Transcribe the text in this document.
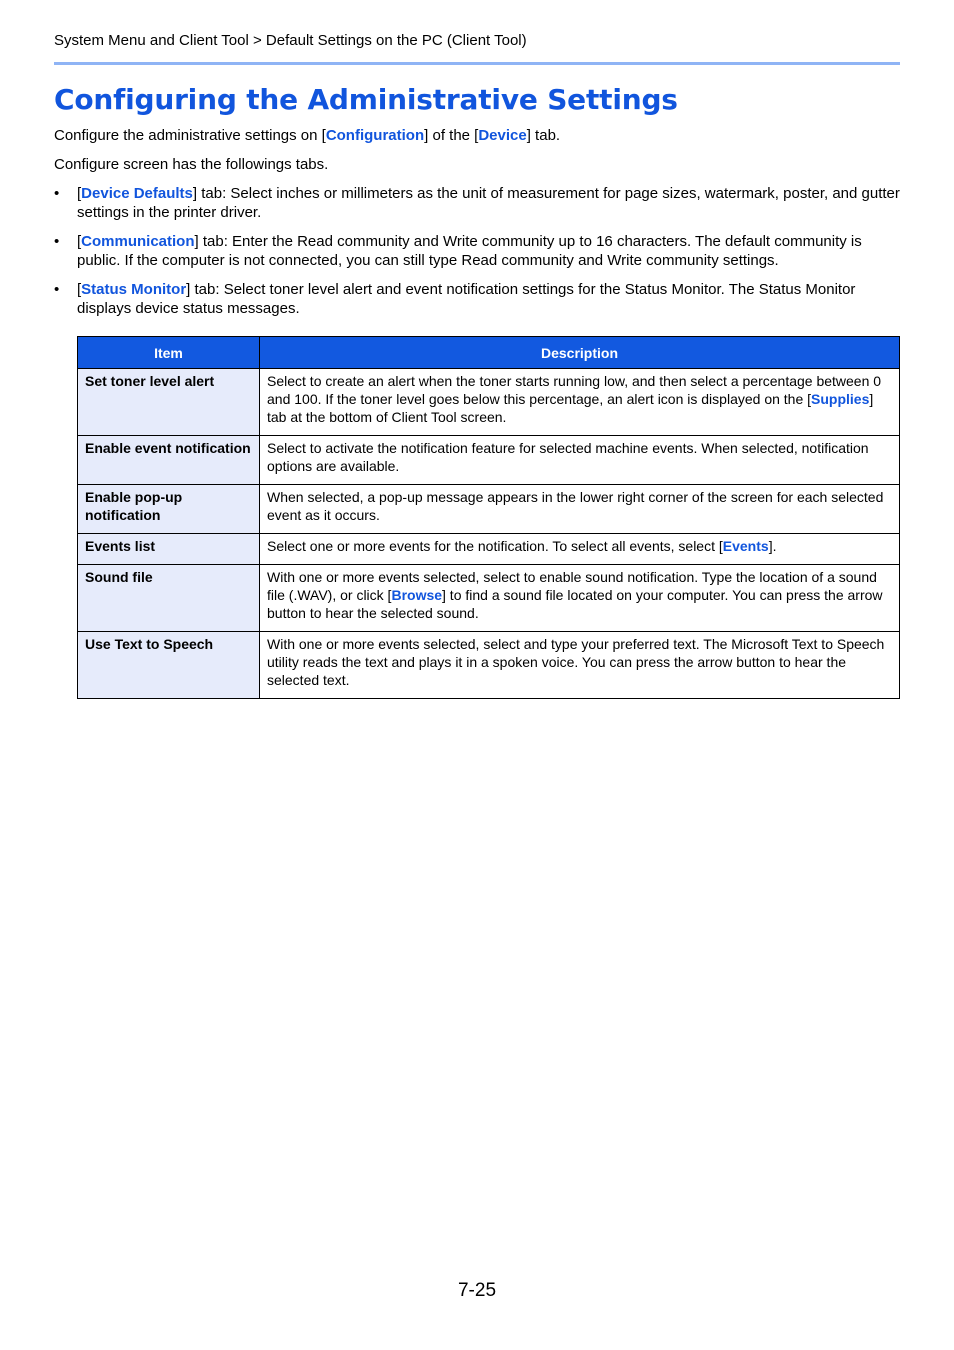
System Menu and Client Tool > Default Settings on the PC (Client Tool)
Configuring the Administrative Settings

Configure the administrative settings on [Configuration] of the [Device] tab.

Configure screen has the followings tabs.

•	[Device Defaults] tab: Select inches or millimeters as the unit of measurement for page sizes, watermark, poster, and gutter settings in the printer driver.
•	[Communication] tab: Enter the Read community and Write community up to 16 characters. The default community is public. If the computer is not connected, you can still type Read community and Write community settings.
•	[Status Monitor] tab: Select toner level alert and event notification settings for the Status Monitor. The Status Monitor displays device status messages.
Item	Description
Set toner level alert	Select to create an alert when the toner starts running low, and then select a percentage between 0 and 100. If the toner level goes below this percentage, an alert icon is displayed on the [Supplies] tab at the bottom of Client Tool screen.
Enable event notification	Select to activate the notification feature for selected machine events. When selected, notification options are available.
Enable pop-up notification	When selected, a pop-up message appears in the lower right corner of the screen for each selected event as it occurs.
Events list	Select one or more events for the notification. To select all events, select [Events].
Sound file	With one or more events selected, select to enable sound notification. Type the location of a sound file (.WAV), or click [Browse] to find a sound file located on your computer. You can press the arrow button to hear the selected sound.
Use Text to Speech	With one or more events selected, select and type your preferred text. The Microsoft Text to Speech utility reads the text and plays it in a spoken voice. You can press the arrow button to hear the selected text.
7-25
